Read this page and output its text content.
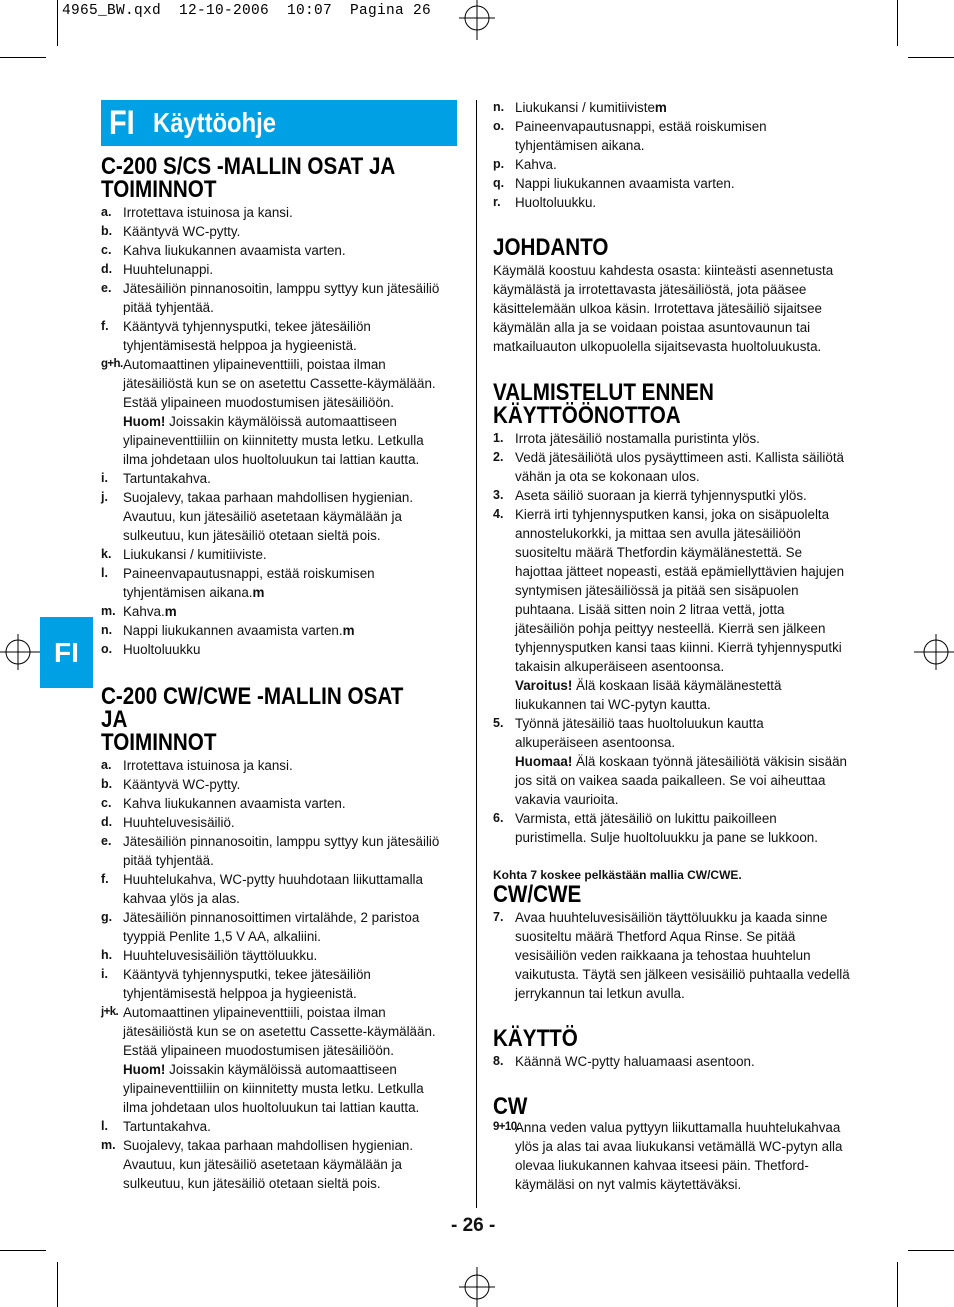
4965_BW.qxd  12-10-2006  10:07  Pagina 26
FI Käyttöohje
FI
C-200 S/CS -MALLIN OSAT JA
TOIMINNOT
a. Irrotettava istuinosa ja kansi.
b. Kääntyvä WC-pytty.
c. Kahva liukukannen avaamista varten.
d. Huuhtelunappi.
e. Jätesäiliön pinnanosoitin, lamppu syttyy kun jätesäiliö
pitää tyhjentää.
f.	Kääntyvä tyhjennysputki, tekee jätesäiliön
tyhjentämisestä helppoa ja hygieenistä.
g+h. Automaattinen ylipaineventtiili, poistaa ilman
jätesäiliöstä kun se on asetettu Cassette-käymälään.
Estää ylipaineen muodostumisen jätesäiliöön.
Huom! Joissakin käymälöissä automaattiseen
ylipaineventtiiliin on kiinnitetty musta letku. Letkulla
ilma johdetaan ulos huoltoluukun tai lattian kautta.
i.	Tartuntakahva.
j.	Suojalevy, takaa parhaan mahdollisen hygienian.
Avautuu, kun jätesäiliö asetetaan käymälään ja
sulkeutuu, kun jätesäiliö otetaan sieltä pois.
k. Liukukansi / kumitiiviste.
l.	Paineenvapautusnappi, estää roiskumisen
tyhjentämisen aikana.m
m. Kahva.m
n. Nappi liukukannen avaamista varten.m
o. Huoltoluukku
C-200 CW/CWE -MALLIN OSAT JA
TOIMINNOT
a. Irrotettava istuinosa ja kansi.
b. Kääntyvä WC-pytty.
c. Kahva liukukannen avaamista varten.
d. Huuhteluvesisäiliö.
e. Jätesäiliön pinnanosoitin, lamppu syttyy kun jätesäiliö
pitää tyhjentää.
f.	Huuhtelukahva, WC-pytty huuhdotaan liikuttamalla
kahvaa ylös ja alas.
g. Jätesäiliön pinnanosoittimen virtalähde, 2 paristoa
tyyppiä Penlite 1,5 V AA, alkaliini.
h. Huuhteluvesisäiliön täyttöluukku.
i.	Kääntyvä tyhjennysputki, tekee jätesäiliön
tyhjentämisestä helppoa ja hygieenistä.
j+k. Automaattinen ylipaineventtiili, poistaa ilman
jätesäiliöstä kun se on asetettu Cassette-käymälään.
Estää ylipaineen muodostumisen jätesäiliöön.
Huom! Joissakin käymälöissä automaattiseen
ylipaineventtiiliin on kiinnitetty musta letku. Letkulla
ilma johdetaan ulos huoltoluukun tai lattian kautta.
l.	Tartuntakahva.
m. Suojalevy, takaa parhaan mahdollisen hygienian.
Avautuu, kun jätesäiliö asetetaan käymälään ja
sulkeutuu, kun jätesäiliö otetaan sieltä pois.
n. Liukukansi / kumitiivistem
o. Paineenvapautusnappi, estää roiskumisen
tyhjentämisen aikana.
p. Kahva.
q. Nappi liukukannen avaamista varten.
r.	Huoltoluukku.
JOHDANTO
Käymälä koostuu kahdesta osasta: kiinteästi asennetusta
käymälästä ja irrotettavasta jätesäiliöstä, jota pääsee
käsittelemään ulkoa käsin. Irrotettava jätesäiliö sijaitsee
käymälän alla ja se voidaan poistaa asuntovaunun tai
matkailuauton ulkopuolella sijaitsevasta huoltoluukusta.
VALMISTELUT ENNEN
KÄYTTÖÖNOTTOA
1. Irrota jätesäiliö nostamalla puristinta ylös.
2. Vedä jätesäiliötä ulos pysäyttimeen asti. Kallista säiliötä
vähän ja ota se kokonaan ulos.
3. Aseta säiliö suoraan ja kierrä tyhjennysputki ylös.
4. Kierrä irti tyhjennysputken kansi, joka on sisäpuolelta
annostelukorkki, ja mittaa sen avulla jätesäiliöön
suositeltu määrä Thetfordin käymälänestettä. Se
hajottaa jätteet nopeasti, estää epämiellyttävien hajujen
syntymisen jätesäiliössä ja pitää sen sisäpuolen
puhtaana. Lisää sitten noin 2 litraa vettä, jotta
jätesäiliön pohja peittyy nesteellä. Kierrä sen jälkeen
tyhjennysputken kansi taas kiinni. Kierrä tyhjennysputki
takaisin alkuperäiseen asentoonsa.
Varoitus! Älä koskaan lisää käymälänestettä
liukukannen tai WC-pytyn kautta.
5. Työnnä jätesäiliö taas huoltoluukun kautta
alkuperäiseen asentoonsa.
Huomaa! Älä koskaan työnnä jätesäiliötä väkisin sisään
jos sitä on vaikea saada paikalleen. Se voi aiheuttaa
vakavia vaurioita.
6. Varmista, että jätesäiliö on lukittu paikoilleen
puristimella. Sulje huoltoluukku ja pane se lukkoon.
Kohta 7 koskee pelkästään mallia CW/CWE.
CW/CWE
7. Avaa huuhteluvesisäiliön täyttöluukku ja kaada sinne
suositeltu määrä Thetford Aqua Rinse. Se pitää
vesisäiliön veden raikkaana ja tehostaa huuhtelun
vaikutusta. Täytä sen jälkeen vesisäiliö puhtaalla vedellä
jerrykannun tai letkun avulla.
KÄYTTÖ
8. Käännä WC-pytty haluamaasi asentoon.
CW
9+10.
Anna veden valua pyttyyn liikuttamalla huuhtelukahvaa
ylös ja alas tai avaa liukukansi vetämällä WC-pytyn alla
olevaa liukukannen kahvaa itseesi päin. Thetford-
käymäläsi on nyt valmis käytettäväksi.
- 26 -
